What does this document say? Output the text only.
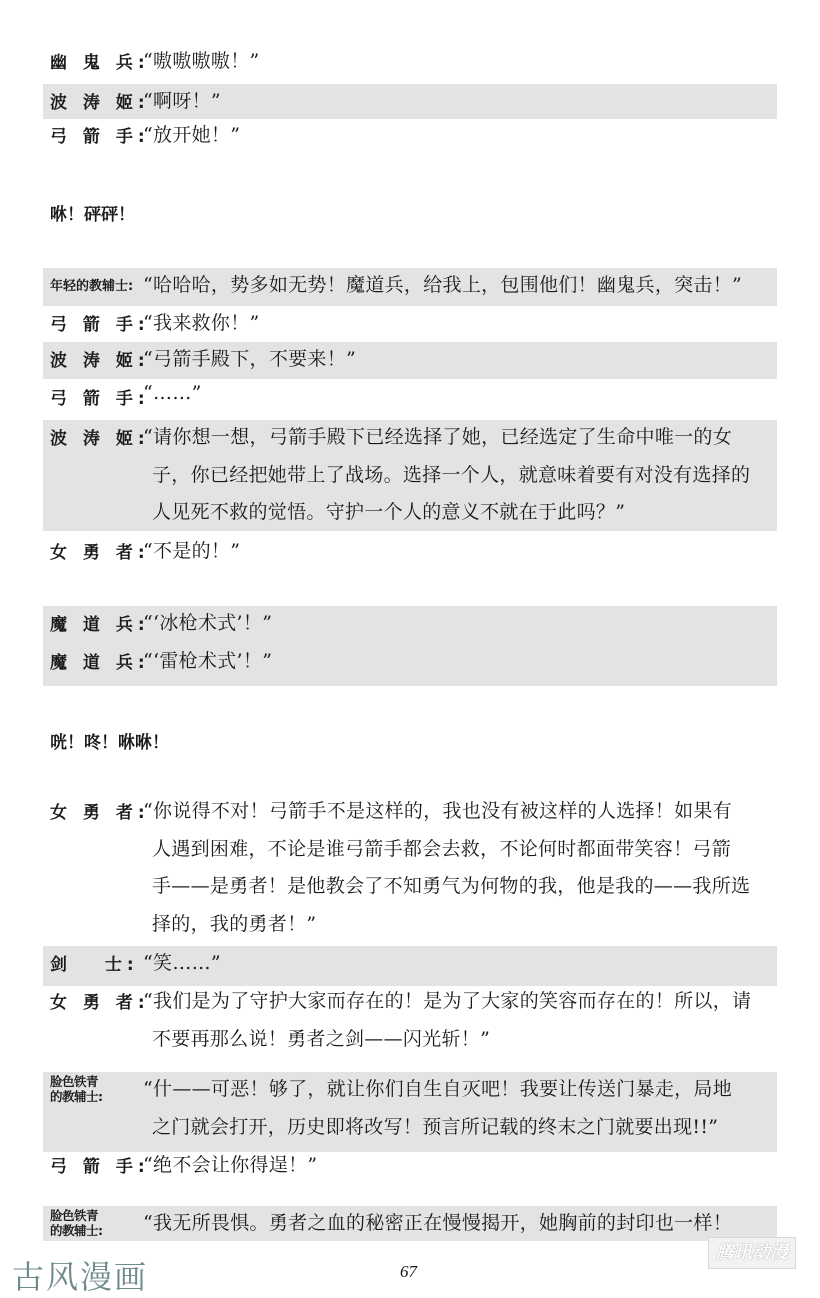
幽 鬼 兵:
“嗷嗷嗷嗷！”
波 涛 姬:
“啊呀！”
弓 箭 手:
“放开她！”
咻！砰砰！
年轻的教辅士: “哈哈哈，势多如无势！魔道兵，给我上，包围他们！幽鬼兵，突击！”
弓 箭 手:
“我来救你！”
波 涛 姬:
“弓箭手殿下，不要来！”
弓 箭 手:
“……”
波 涛 姬:
“请你想一想，弓箭手殿下已经选择了她，已经选定了生命中唯一的女
子，你已经把她带上了战场。选择一个人，就意味着要有对没有选择的
人见死不救的觉悟。守护一个人的意义不就在于此吗？”
女 勇 者:
“不是的！”
魔 道 兵:
“‘冰枪术式’！”
魔 道 兵:
“‘雷枪术式’！”
咣！咚！咻咻！
女 勇 者:
“你说得不对！弓箭手不是这样的，我也没有被这样的人选择！如果有
人遇到困难，不论是谁弓箭手都会去救，不论何时都面带笑容！弓箭
手——是勇者！是他教会了不知勇气为何物的我，他是我的——我所选
择的，我的勇者！”
剑　 士: “笑……”
女 勇 者:
“我们是为了守护大家而存在的！是为了大家的笑容而存在的！所以，请
不要再那么说！勇者之剑——闪光斩！”
脸色铁青
的教辅士:	“什——可恶！够了，就让你们自生自灭吧！我要让传送门暴走，局地
之门就会打开，历史即将改写！预言所记载的终末之门就要出现!!”
弓 箭 手:
“绝不会让你得逞！”
脸色铁青
的教辅士:	“我无所畏惧。勇者之血的秘密正在慢慢揭开，她胸前的封印也一样！
古风漫画	67
腾讯动漫
